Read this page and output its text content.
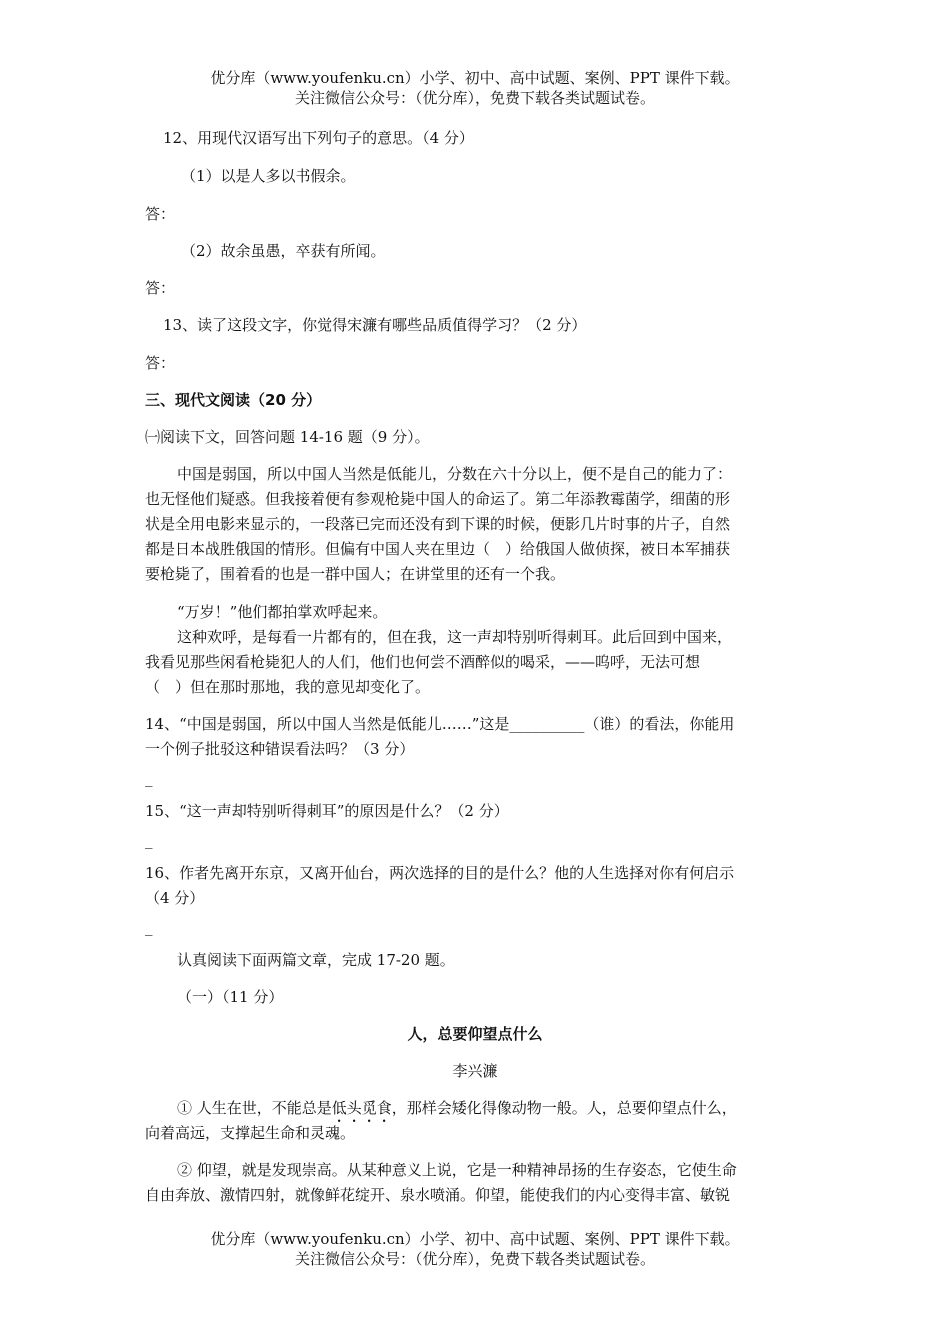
优分库（www.youfenku.cn）小学、初中、高中试题、案例、PPT 课件下载。
关注微信公众号：（优分库），免费下载各类试题试卷。
12、用现代汉语写出下列句子的意思。（4 分）
（1）以是人多以书假余。
答：
（2）故余虽愚，卒获有所闻。
答：
13、读了这段文字，你觉得宋濂有哪些品质值得学习？（2 分）
答：
三、现代文阅读（20 分）
㈠阅读下文，回答问题 14-16 题（9 分）。
中国是弱国，所以中国人当然是低能儿，分数在六十分以上，便不是自己的能力了：
也无怪他们疑惑。但我接着便有参观枪毙中国人的命运了。第二年添教霉菌学，细菌的形
状是全用电影来显示的，一段落已完而还没有到下课的时候，便影几片时事的片子，自然
都是日本战胜俄国的情形。但偏有中国人夹在里边（　）给俄国人做侦探，被日本军捕获
要枪毙了，围着看的也是一群中国人；在讲堂里的还有一个我。
“万岁！”他们都拍掌欢呼起来。
这种欢呼，是每看一片都有的，但在我，这一声却特别听得刺耳。此后回到中国来，
我看见那些闲看枪毙犯人的人们，他们也何尝不酒醉似的喝采，——呜呼，无法可想
（　）但在那时那地，我的意见却变化了。
14、“中国是弱国，所以中国人当然是低能儿……”这是__________（谁）的看法，你能用
一个例子批驳这种错误看法吗？（3 分）
_
15、“这一声却特别听得刺耳”的原因是什么？（2 分）
_
16、作者先离开东京，又离开仙台，两次选择的目的是什么？他的人生选择对你有何启示
（4 分）
_
认真阅读下面两篇文章，完成 17-20 题。
（一）（11 分）
人，总要仰望点什么
李兴濂
① 人生在世，不能总是低头觅食，那样会矮化得像动物一般。人，总要仰望点什么，
向着高远，支撑起生命和灵魂。
② 仰望，就是发现崇高。从某种意义上说，它是一种精神昂扬的生存姿态，它使生命
自由奔放、激情四射，就像鲜花绽开、泉水喷涌。仰望，能使我们的内心变得丰富、敏锐
优分库（www.youfenku.cn）小学、初中、高中试题、案例、PPT 课件下载。
关注微信公众号：（优分库），免费下载各类试题试卷。
